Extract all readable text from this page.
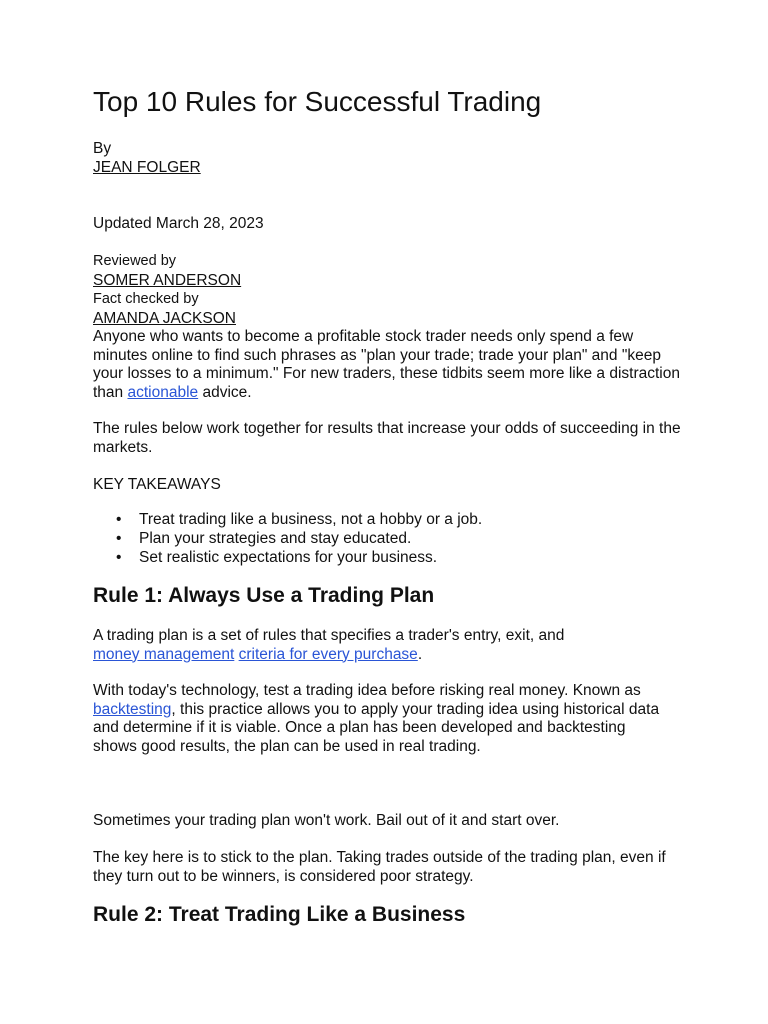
Top 10 Rules for Successful Trading
By
JEAN FOLGER
Updated March 28, 2023
Reviewed by
SOMER ANDERSON
Fact checked by
AMANDA JACKSON

Anyone who wants to become a profitable stock trader needs only spend a few minutes online to find such phrases as "plan your trade; trade your plan" and "keep your losses to a minimum." For new traders, these tidbits seem more like a distraction than actionable advice.

The rules below work together for results that increase your odds of succeeding in the markets.

KEY TAKEAWAYS
• Treat trading like a business, not a hobby or a job.
• Plan your strategies and stay educated.
• Set realistic expectations for your business.
Rule 1: Always Use a Trading Plan

A trading plan is a set of rules that specifies a trader's entry, exit, and money management criteria for every purchase.

With today's technology, test a trading idea before risking real money. Known as backtesting, this practice allows you to apply your trading idea using historical data and determine if it is viable. Once a plan has been developed and backtesting shows good results, the plan can be used in real trading.

Sometimes your trading plan won't work. Bail out of it and start over.

The key here is to stick to the plan. Taking trades outside of the trading plan, even if they turn out to be winners, is considered poor strategy.

Rule 2: Treat Trading Like a Business
